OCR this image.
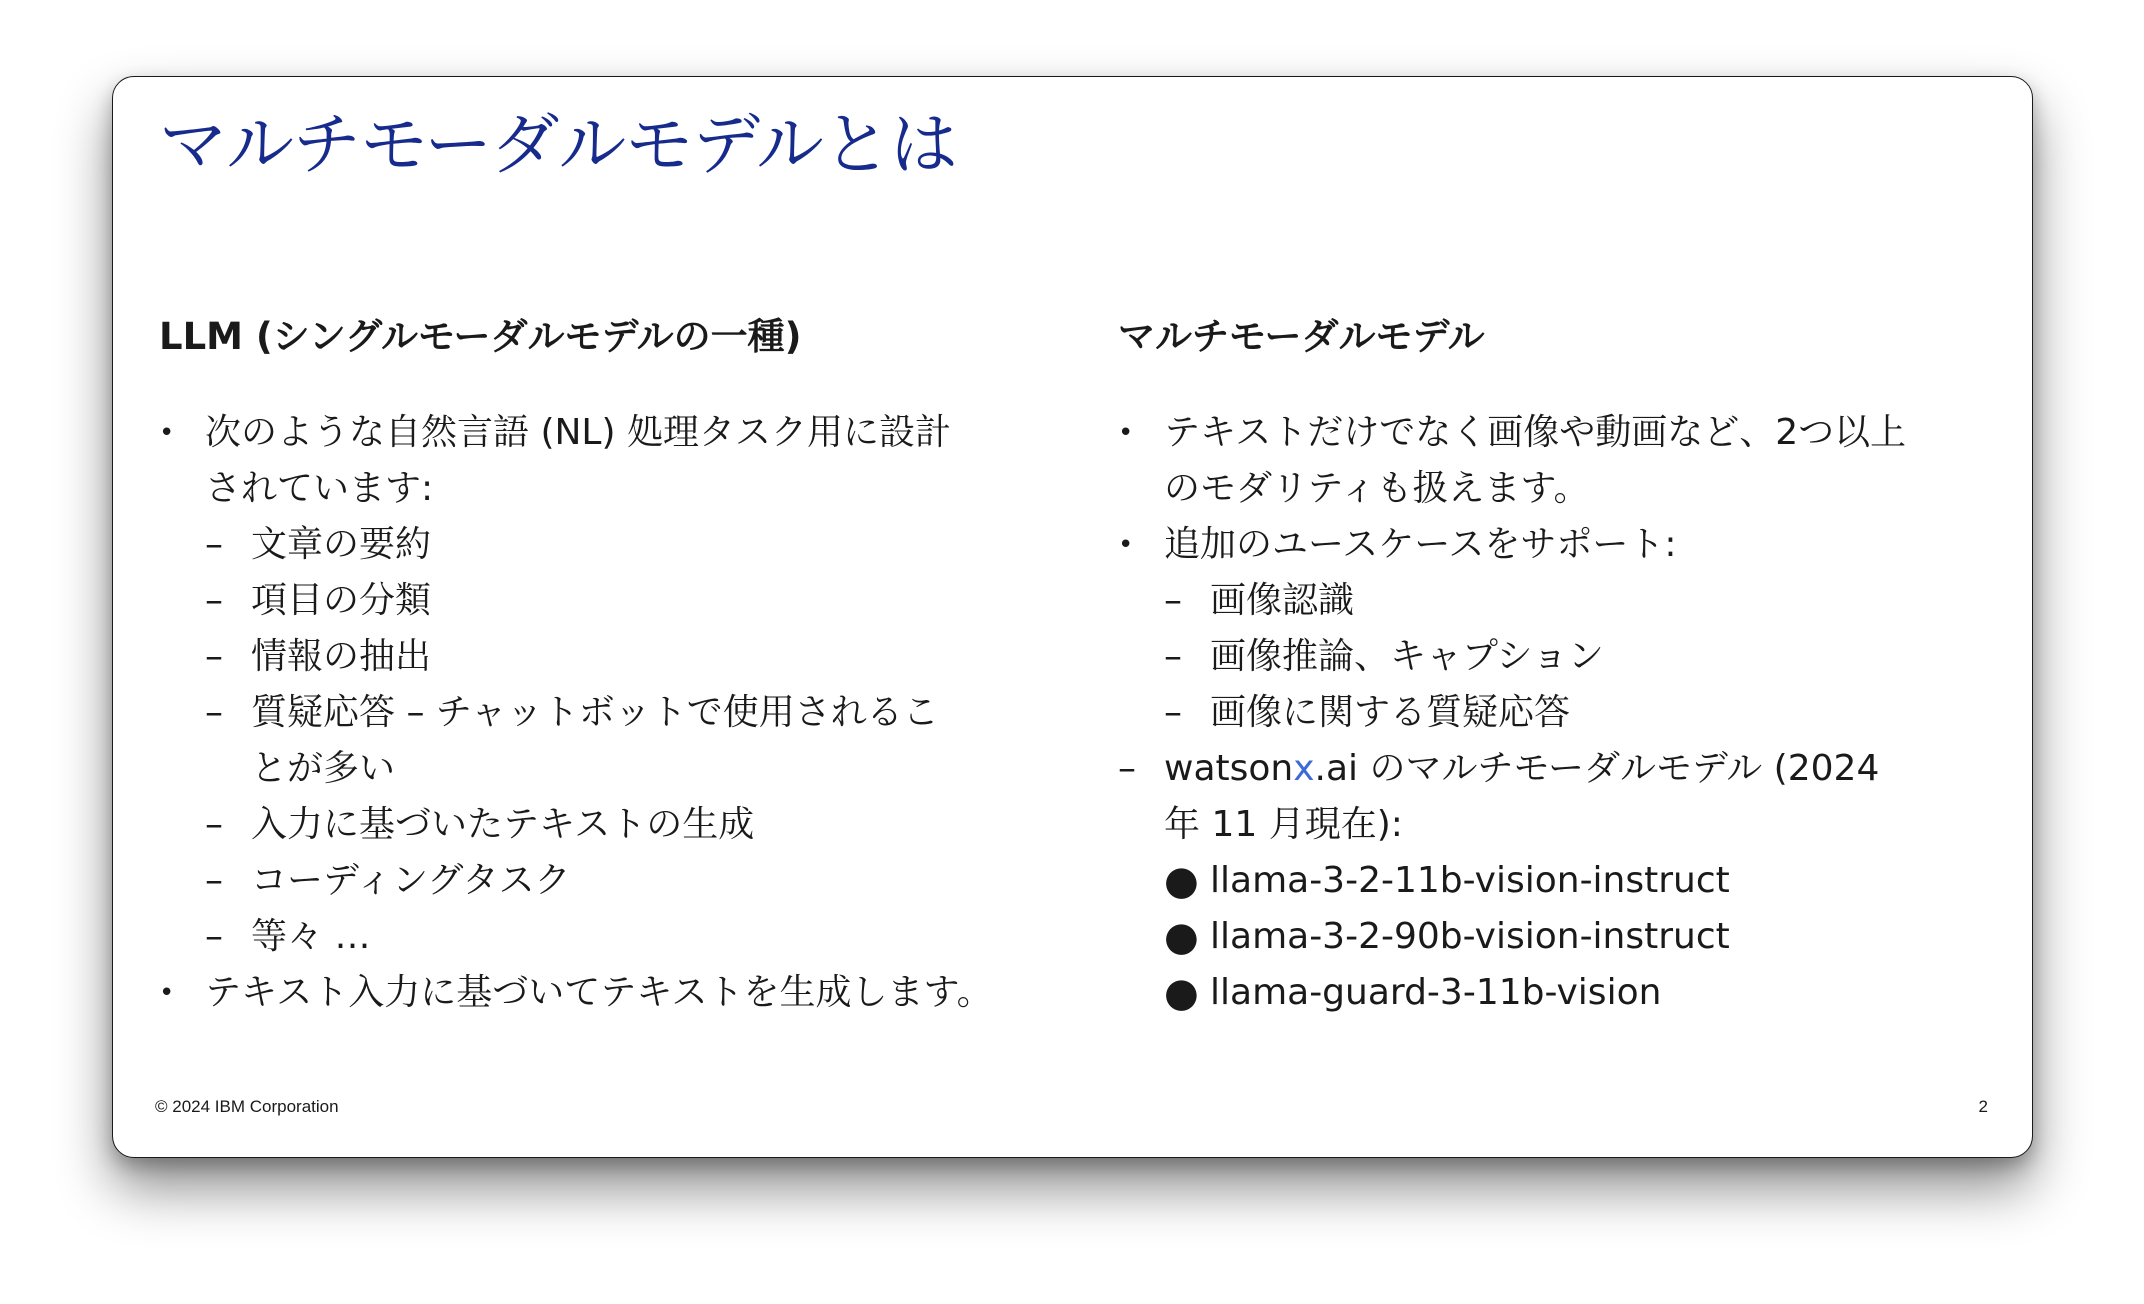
マルチモーダルモデルとは
LLM (シングルモーダルモデルの一種)
• 次のような自然言語 (NL) 処理タスク用に設計
されています:
– 文章の要約
– 項目の分類
– 情報の抽出
– 質疑応答 – チャットボットで使用されるこ
とが多い
– 入力に基づいたテキストの生成
– コーディングタスク
– 等々 …
• テキスト入力に基づいてテキストを生成します。
マルチモーダルモデル
• テキストだけでなく画像や動画など、2つ以上
のモダリティも扱えます。
• 追加のユースケースをサポート:
– 画像認識
– 画像推論、キャプション
– 画像に関する質疑応答
– watsonx.ai のマルチモーダルモデル (2024
年 11 月現在):
● llama-3-2-11b-vision-instruct
● llama-3-2-90b-vision-instruct
● llama-guard-3-11b-vision
© 2024 IBM Corporation	2
